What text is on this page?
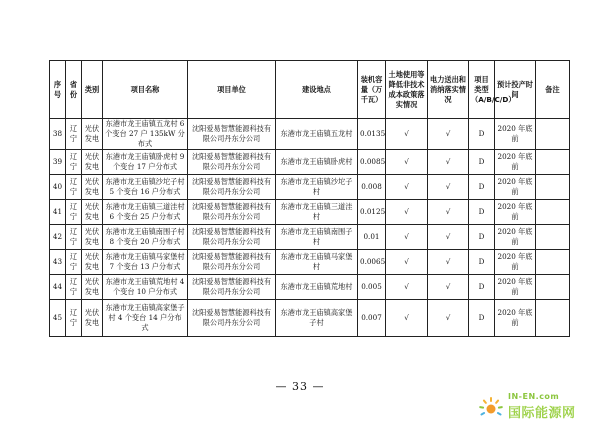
序号	省份	类别	项目名称	项目单位	建设地点	装机容量（万千瓦）	土地使用等降低非技术成本政策落实情况	电力送出和消纳落实情况	项目类型（A/B/C/D）	预计投产时间	备注
38	辽宁	光伏发电	东港市龙王庙镇五龙村 6 个变台 27 户 135kW 分布式	沈阳爱易智慧能源科技有限公司丹东分公司	东港市龙王庙镇五龙村	0.0135	√	√	D	2020 年底前	
39	辽宁	光伏发电	东港市龙王庙镇卧虎村 9 个变台 17 户分布式	沈阳爱易智慧能源科技有限公司丹东分公司	东港市龙王庙镇卧虎村	0.0085	√	√	D	2020 年底前	
40	辽宁	光伏发电	东港市龙王庙镇沙坨子村 5 个变台 16 户分布式	沈阳爱易智慧能源科技有限公司丹东分公司	东港市龙王庙镇沙坨子村	0.008	√	√	D	2020 年底前	
41	辽宁	光伏发电	东港市龙王庙镇三道洼村 6 个变台 25 户分布式	沈阳爱易智慧能源科技有限公司丹东分公司	东港市龙王庙镇三道洼村	0.0125	√	√	D	2020 年底前	
42	辽宁	光伏发电	东港市龙王庙镇南围子村 8 个变台 20 户分布式	沈阳爱易智慧能源科技有限公司丹东分公司	东港市龙王庙镇南围子村	0.01	√	√	D	2020 年底前	
43	辽宁	光伏发电	东港市龙王庙镇马家堡村 7 个变台 13 户分布式	沈阳爱易智慧能源科技有限公司丹东分公司	东港市龙王庙镇马家堡村	0.0065	√	√	D	2020 年底前	
44	辽宁	光伏发电	东港市龙王庙镇荒地村 4 个变台 10 户分布式	沈阳爱易智慧能源科技有限公司丹东分公司	东港市龙王庙镇荒地村	0.005	√	√	D	2020 年底前	
45	辽宁	光伏发电	东港市龙王庙镇高家堡子村 4 个变台 14 户分布式	沈阳爱易智慧能源科技有限公司丹东分公司	东港市龙王庙镇高家堡子村	0.007	√	√	D	2020 年底前	
— 33 —
IN-EN.com
国际能源网
